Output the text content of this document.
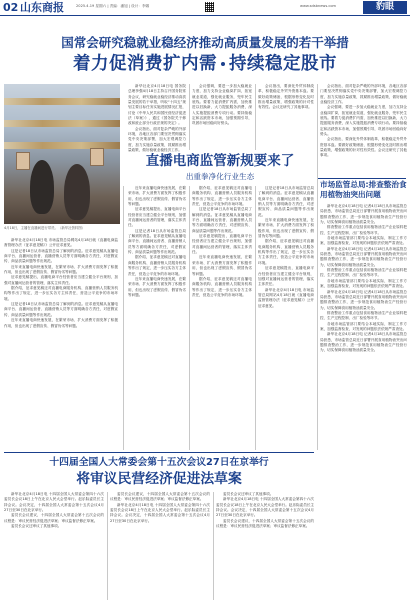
02 山东商报	2025.4.19 星期六 | 责编：潘旭 | 设计：李娜	www.sdsbnews.com	豹眼
国常会研究稳就业稳经济推动高质量发展的若干举措
着力促消费扩内需 持续稳定股市

新华社北京4月18日电 国务院总理李强4月18日主持召开国务院常务会议，研究稳就业稳经济推动高质量发展的若干举措，听取“十四五”规划主要目标任务实施进展情况汇报，讨论《中华人民共和国民营经济促进法（草案）》，通过《国务院关于修改和废止部分行政法规的决定》。

会议指出，面对复杂严峻的外部环境，各地区各部门要坚决贯彻落实党中央决策部署，加大宏观调控力度，加力实施存量政策，抓紧推出增量政策，做好稳就业稳经济工作。

会议强调，要进一步加大稳就业力度，加力支持企业稳岗扩岗，拓宽就业渠道，强化就业服务，兜牢民生底线。要着力促消费扩内需，加快推进以旧换新，大力提振服务消费，深入实施提振消费专项行动。要持续稳定和活跃资本市场，加强预期引导，巩固市场回稳向好势头。

会议指出，要深化外贸体制改革，积极稳定外贸外资基本盘。要做好政策储备，根据形势变化及时推出增量政策，增强政策的针对性有效性。会议还研究了其他事项。

会议指出，面对复杂严峻的外部环境，各地区各部门要坚决贯彻落实党中央决策部署，加大宏观调控力度，加力实施存量政策，抓紧推出增量政策，做好稳就业稳经济工作。

会议强调，要进一步加大稳就业力度，加力支持企业稳岗扩岗，拓宽就业渠道，强化就业服务，兜牢民生底线。要着力促消费扩内需，加快推进以旧换新，大力提振服务消费，深入实施提振消费专项行动。要持续稳定和活跃资本市场，加强预期引导，巩固市场回稳向好势头。

会议指出，要深化外贸体制改革，积极稳定外贸外资基本盘。要做好政策储备，根据形势变化及时推出增量政策，增强政策的针对性有效性。会议还研究了其他事项。

4月18日，主播在直播间进行带货。（新华社资料图）
直播电商监管新规要来了
出重拳净化行业生态

新华社北京4月18日电 市场监管总局网站4月18日就《直播电商监督管理办法（征求意见稿）》公开征求意见。

这是记者18日从市场监管总局了解到的消息。征求意见稿从直播电商平台、直播间运营者、直播营销人员等方面明确各方责任，对虚假宣传、商品质量问题等作出规范。

近年来直播电商快速发展，在繁荣市场、扩大消费方面发挥了积极作用，但也出现了虚假宣传、假冒伪劣等问题。

征求意见稿提出，直播电商平台经营者应当建立健全平台规则，加强对直播间运营者的管理，落实主体责任。

据介绍，征求意见稿还对直播电商服务机构、直播营销人员服务机构等作出了规定，进一步压实各方主体责任，营造公平竞争的市场环境。

这是记者18日从市场监管总局了解到的消息。征求意见稿从直播电商平台、直播间运营者、直播营销人员等方面明确各方责任，对虚假宣传、商品质量问题等作出规范。

近年来直播电商快速发展，在繁荣市场、扩大消费方面发挥了积极作用，但也出现了虚假宣传、假冒伪劣等问题。

近年来直播电商快速发展，在繁荣市场、扩大消费方面发挥了积极作用，但也出现了虚假宣传、假冒伪劣等问题。

征求意见稿提出，直播电商平台经营者应当建立健全平台规则，加强对直播间运营者的管理，落实主体责任。

这是记者18日从市场监管总局了解到的消息。征求意见稿从直播电商平台、直播间运营者、直播营销人员等方面明确各方责任，对虚假宣传、商品质量问题等作出规范。

据介绍，征求意见稿还对直播电商服务机构、直播营销人员服务机构等作出了规定，进一步压实各方主体责任，营造公平竞争的市场环境。

近年来直播电商快速发展，在繁荣市场、扩大消费方面发挥了积极作用，但也出现了虚假宣传、假冒伪劣等问题。

据介绍，征求意见稿还对直播电商服务机构、直播营销人员服务机构等作出了规定，进一步压实各方主体责任，营造公平竞争的市场环境。

这是记者18日从市场监管总局了解到的消息。征求意见稿从直播电商平台、直播间运营者、直播营销人员等方面明确各方责任，对虚假宣传、商品质量问题等作出规范。

征求意见稿提出，直播电商平台经营者应当建立健全平台规则，加强对直播间运营者的管理，落实主体责任。

近年来直播电商快速发展，在繁荣市场、扩大消费方面发挥了积极作用，但也出现了虚假宣传、假冒伪劣等问题。

据介绍，征求意见稿还对直播电商服务机构、直播营销人员服务机构等作出了规定，进一步压实各方主体责任，营造公平竞争的市场环境。

这是记者18日从市场监管总局了解到的消息。征求意见稿从直播电商平台、直播间运营者、直播营销人员等方面明确各方责任，对虚假宣传、商品质量问题等作出规范。

近年来直播电商快速发展，在繁荣市场、扩大消费方面发挥了积极作用，但也出现了虚假宣传、假冒伪劣等问题。

据介绍，征求意见稿还对直播电商服务机构、直播营销人员服务机构等作出了规定，进一步压实各方主体责任，营造公平竞争的市场环境。

征求意见稿提出，直播电商平台经营者应当建立健全平台规则，加强对直播间运营者的管理，落实主体责任。

新华社北京4月18日电 市场监管总局网站4月18日就《直播电商监督管理办法（征求意见稿）》公开征求意见。

市场监管总局:排查整治食用植物油突出问题

新华社北京4月18日电 记者4月18日从市场监管总局获悉，市场监管总局近日部署开展食用植物油突出问题排查整治工作，进一步规范食用植物油生产经营行为，切实保障食用植物油质量安全。

排查整治工作重点包括食用植物油生产企业原料把控、生产过程控制、出厂检验等环节。

各地市场监管部门要结合本地实际，制定工作方案，加强监督检查，对发现的问题依法依规严肃查处。

新华社北京4月18日电 记者4月18日从市场监管总局获悉，市场监管总局近日部署开展食用植物油突出问题排查整治工作，进一步规范食用植物油生产经营行为，切实保障食用植物油质量安全。

排查整治工作重点包括食用植物油生产企业原料把控、生产过程控制、出厂检验等环节。

各地市场监管部门要结合本地实际，制定工作方案，加强监督检查，对发现的问题依法依规严肃查处。

新华社北京4月18日电 记者4月18日从市场监管总局获悉，市场监管总局近日部署开展食用植物油突出问题排查整治工作，进一步规范食用植物油生产经营行为，切实保障食用植物油质量安全。

排查整治工作重点包括食用植物油生产企业原料把控、生产过程控制、出厂检验等环节。

各地市场监管部门要结合本地实际，制定工作方案，加强监督检查，对发现的问题依法依规严肃查处。

新华社北京4月18日电 记者4月18日从市场监管总局获悉，市场监管总局近日部署开展食用植物油突出问题排查整治工作，进一步规范食用植物油生产经营行为，切实保障食用植物油质量安全。

十四届全国人大常委会第十五次会议27日在京举行
将审议民营经济促进法草案

新华社北京4月18日电 十四届全国人大常委会第四十六次委员长会议18日上午在北京人民大会堂举行。赵乐际委员长主持会议。会议决定，十四届全国人大常委会第十五次会议4月27日至30日在北京举行。

委员长会议建议，十四届全国人大常委会第十五次会议的议程是：审议民营经济促进法草案；审议监督法修正草案。

委员长会议还审议了其他事项。

委员长会议建议，十四届全国人大常委会第十五次会议的议程是：审议民营经济促进法草案；审议监督法修正草案。

新华社北京4月18日电 十四届全国人大常委会第四十六次委员长会议18日上午在北京人民大会堂举行。赵乐际委员长主持会议。会议决定，十四届全国人大常委会第十五次会议4月27日至30日在北京举行。

委员长会议还审议了其他事项。

新华社北京4月18日电 十四届全国人大常委会第四十六次委员长会议18日上午在北京人民大会堂举行。赵乐际委员长主持会议。会议决定，十四届全国人大常委会第十五次会议4月27日至30日在北京举行。

委员长会议建议，十四届全国人大常委会第十五次会议的议程是：审议民营经济促进法草案；审议监督法修正草案。
